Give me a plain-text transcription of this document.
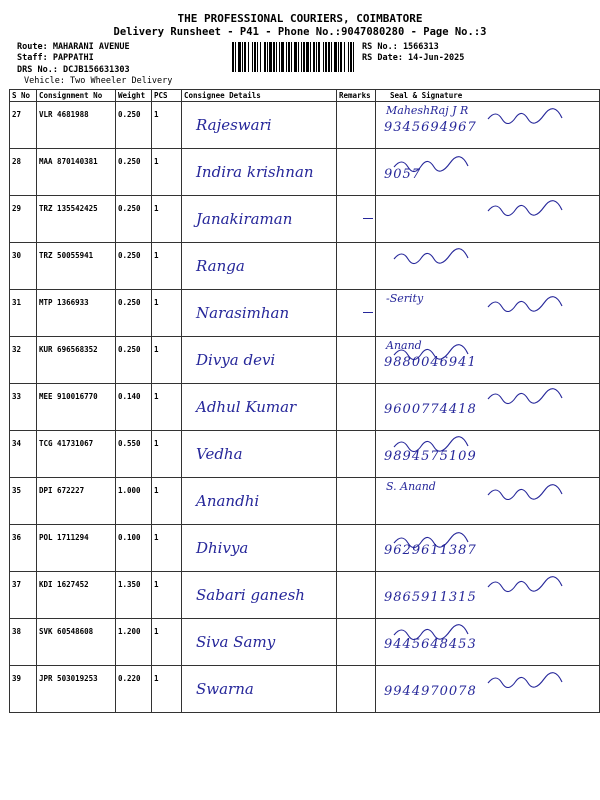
THE PROFESSIONAL COURIERS, COIMBATORE
Delivery Runsheet - P41 - Phone No.:9047080280 - Page No.:3
Route: MAHARANI AVENUE
Staff: PAPPATHI
DRS No.: DCJB156631303
Vehicle: Two Wheeler Delivery
RS No.: 1566313
RS Date: 14-Jun-2025
S No	Consignment No	Weight	PCS	Consignee Details	Remarks	Seal & Signature
27	VLR 4681988	0.250	1	Rajeswari		MaheshRaj J R
9345694967

28	MAA 870140381	0.250	1	Indira krishnan		9057

29	TRZ 135542425	0.250	1	Janakiraman

30	TRZ 50055941	0.250	1	Ranga

31	MTP 1366933	0.250	1	Narasimhan		-Serity

32	KUR 696568352	0.250	1	Divya devi		Anand
9880046941

33	MEE 910016770	0.140	1	Adhul Kumar		9600774418

34	TCG 41731067	0.550	1	Vedha		9894575109

35	DPI 672227	1.000	1	Anandhi		S. Anand

36	POL 1711294	0.100	1	Dhivya		9629611387

37	KDI 1627452	1.350	1	Sabari ganesh		9865911315

38	SVK 60548608	1.200	1	Siva Samy		9445648453

39	JPR 503019253	0.220	1	Swarna		9944970078
